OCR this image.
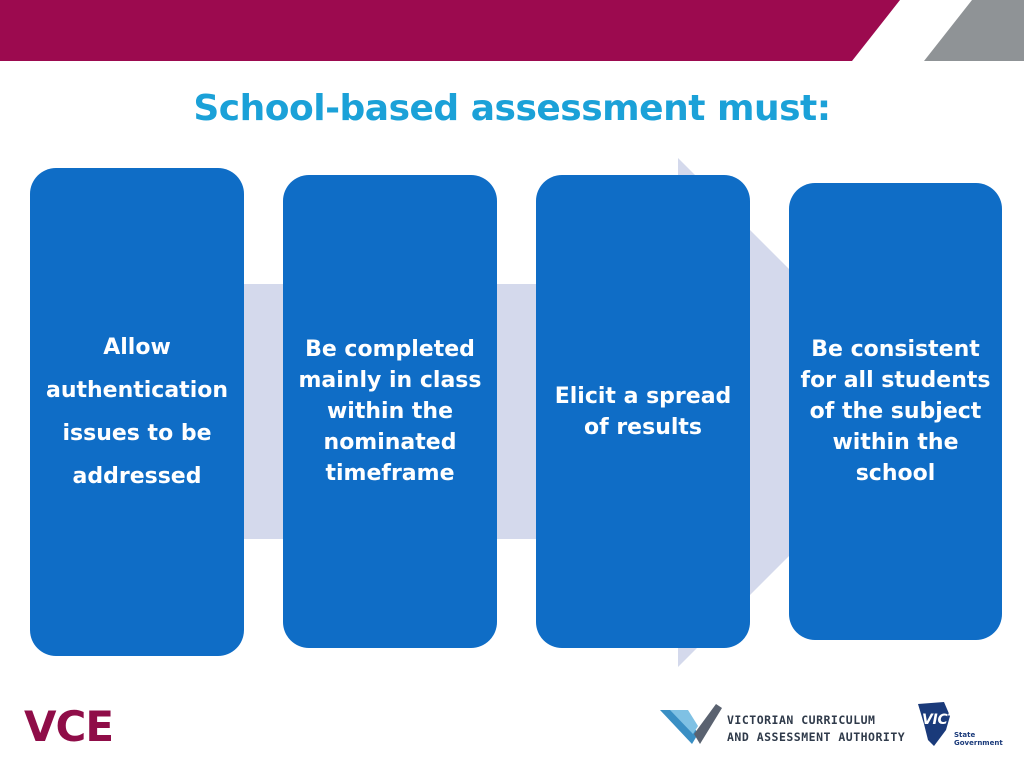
School-based assessment must:
Allow
authentication
issues to be
addressed
Be completed
mainly in class
within the
nominated
timeframe
Elicit a spread
of results
Be consistent
for all students
of the subject
within the
school
VCE	VICTORIAN CURRICULUM
AND ASSESSMENT AUTHORITY
VICTORIA
State
Government
